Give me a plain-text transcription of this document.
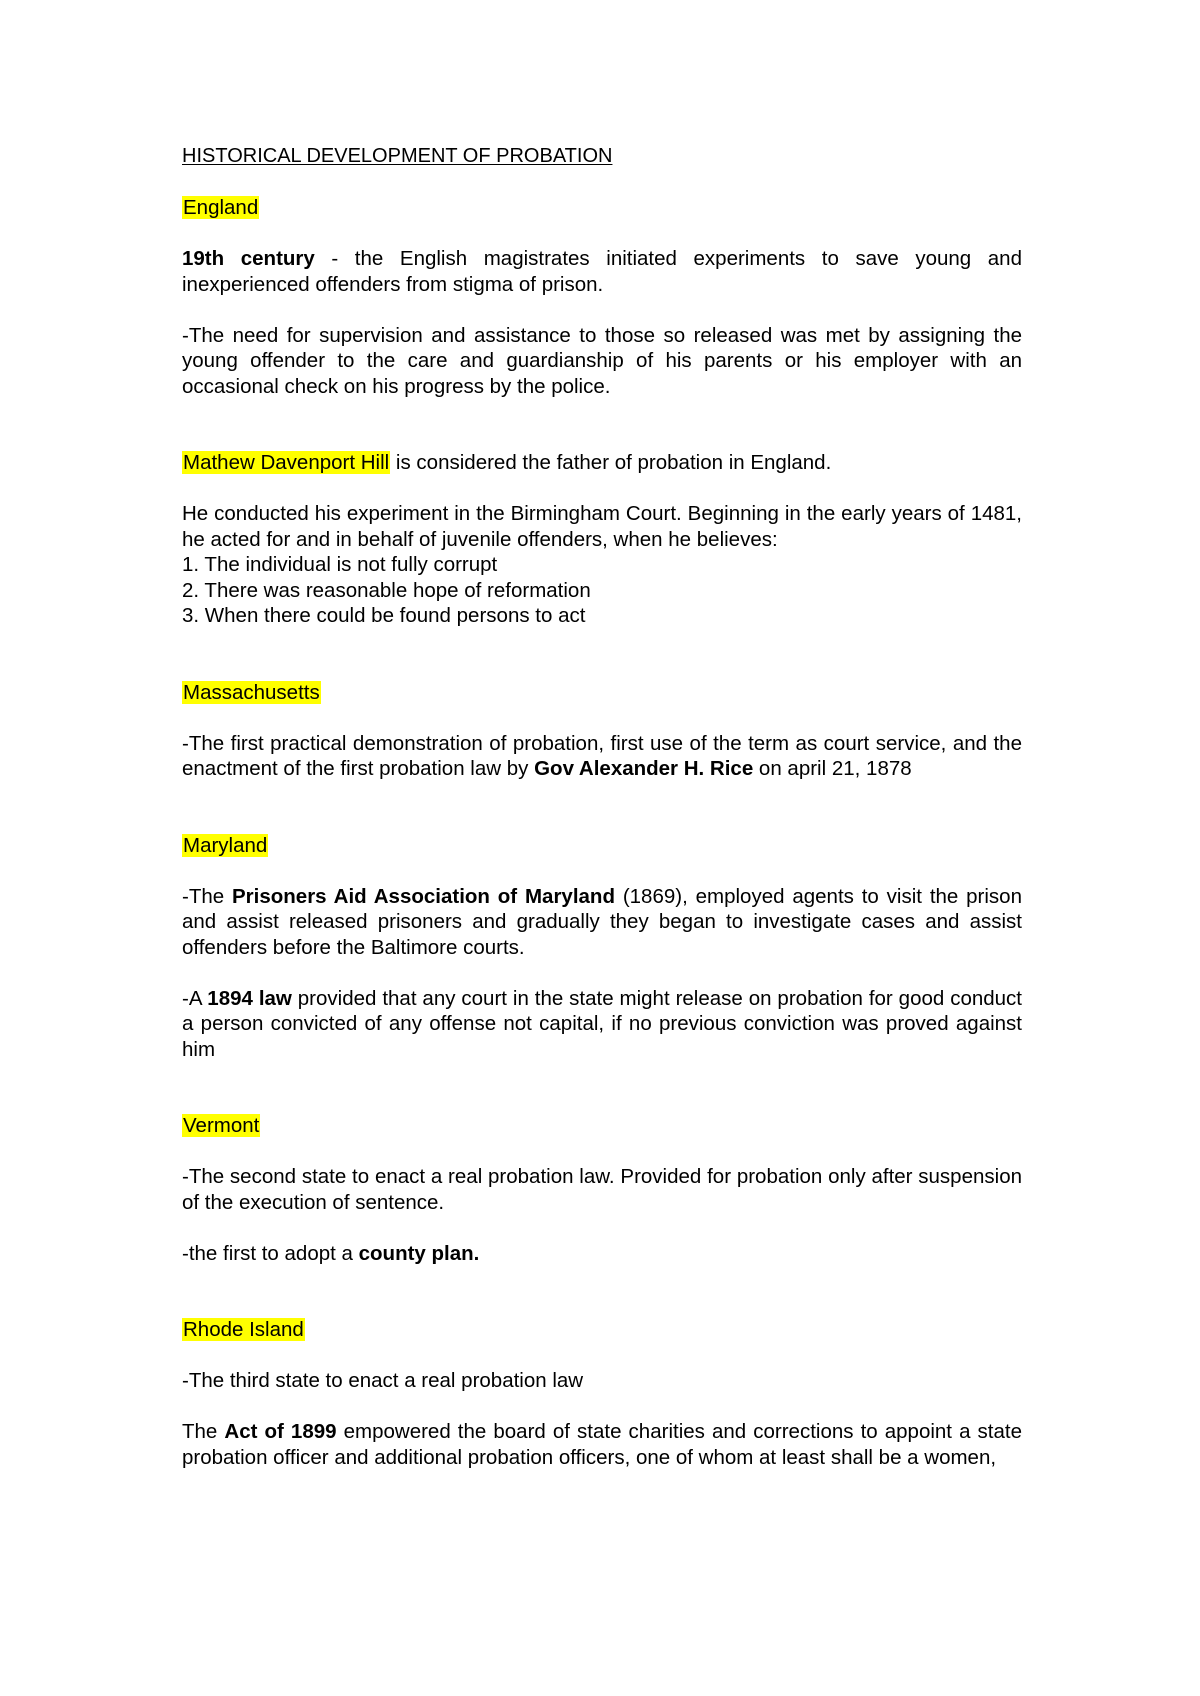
HISTORICAL DEVELOPMENT OF PROBATION

England

19th century - the English magistrates initiated experiments to save young and inexperienced offenders from stigma of prison.

-The need for supervision and assistance to those so released was met by assigning the young offender to the care and guardianship of his parents or his employer with an occasional check on his progress by the police.

Mathew Davenport Hill is considered the father of probation in England.

He conducted his experiment in the Birmingham Court. Beginning in the early years of 1481, he acted for and in behalf of juvenile offenders, when he believes:

1. The individual is not fully corrupt
2. There was reasonable hope of reformation
3. When there could be found persons to act

Massachusetts

-The first practical demonstration of probation, first use of the term as court service, and the enactment of the first probation law by Gov Alexander H. Rice on april 21, 1878

Maryland

-The Prisoners Aid Association of Maryland (1869), employed agents to visit the prison and assist released prisoners and gradually they began to investigate cases and assist offenders before the Baltimore courts.

-A 1894 law provided that any court in the state might release on probation for good conduct a person convicted of any offense not capital, if no previous conviction was proved against him

Vermont

-The second state to enact a real probation law. Provided for probation only after suspension of the execution of sentence.

-the first to adopt a county plan.

Rhode Island

-The third state to enact a real probation law

The Act of 1899 empowered the board of state charities and corrections to appoint a state probation officer and additional probation officers, one of whom at least shall be a women,
